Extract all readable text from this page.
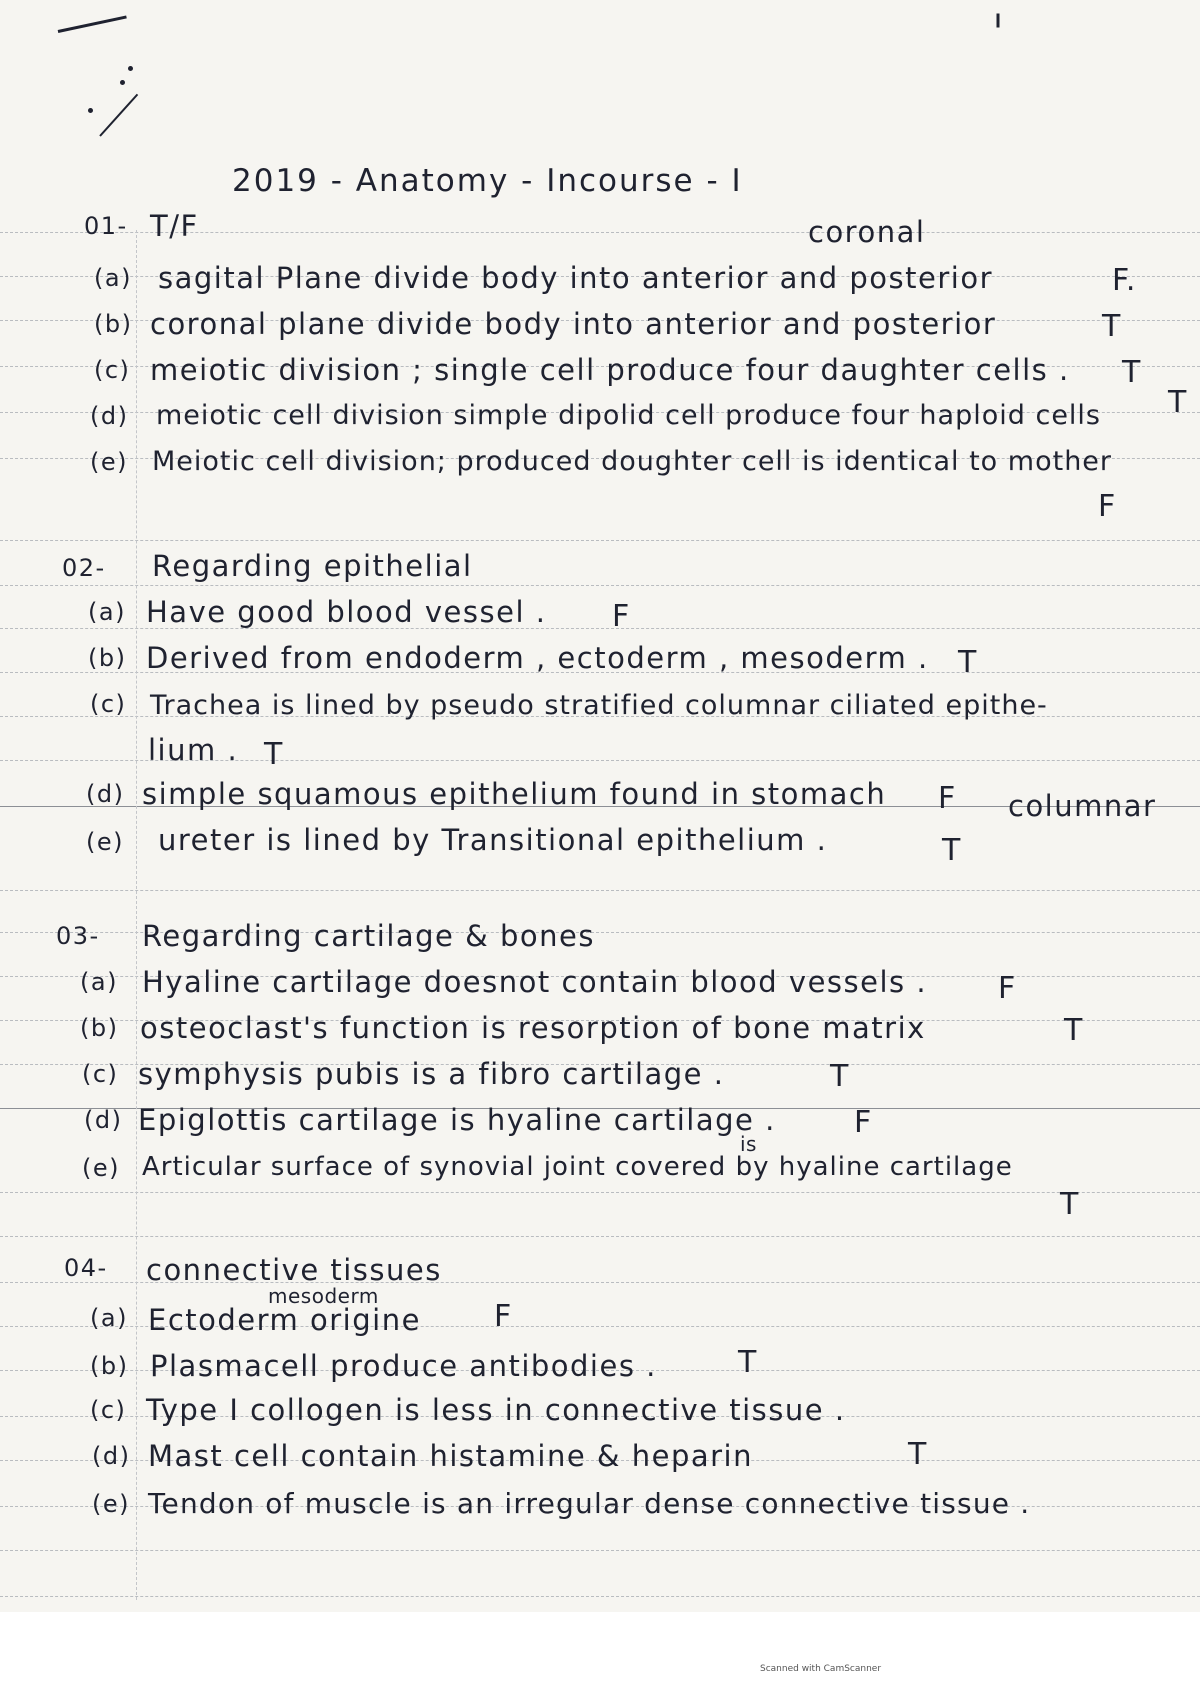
2019 - Anatomy - Incourse - I
01- T/F	coronal
(a) sagital Plane divide body into anterior and posterior	F.
(b) coronal plane divide body into anterior and posterior	T
(c) meiotic division ; single cell produce four daughter cells . T
(d) meiotic cell division simple dipolid cell produce four haploid cells T
(e) Meiotic cell division; produced doughter cell is identical to mother
F
02- Regarding epithelial
(a) Have good blood vessel . F
(b) Derived from endoderm , ectoderm , mesoderm . T
(c) Trachea is lined by pseudo stratified columnar ciliated epithe-
lium . T
(d) simple squamous epithelium found in stomach F columnar
(e) ureter is lined by Transitional epithelium .	T
03- Regarding cartilage & bones
(a) Hyaline cartilage doesnot contain blood vessels . F
(b) osteoclast's function is resorption of bone matrix	T
(c) symphysis pubis is a fibro cartilage .	T
(d) Epiglottis cartilage is hyaline cartilage .	F
is
(e) Articular surface of synovial joint covered by hyaline cartilage
T
04- connective tissues
mesoderm
(a) Ectoderm origine F
(b) Plasmacell produce antibodies .	T
(c) Type I collogen is less in connective tissue .
(d) Mast cell contain histamine & heparin	T
(e) Tendon of muscle is an irregular dense connective tissue .
Scanned with CamScanner
